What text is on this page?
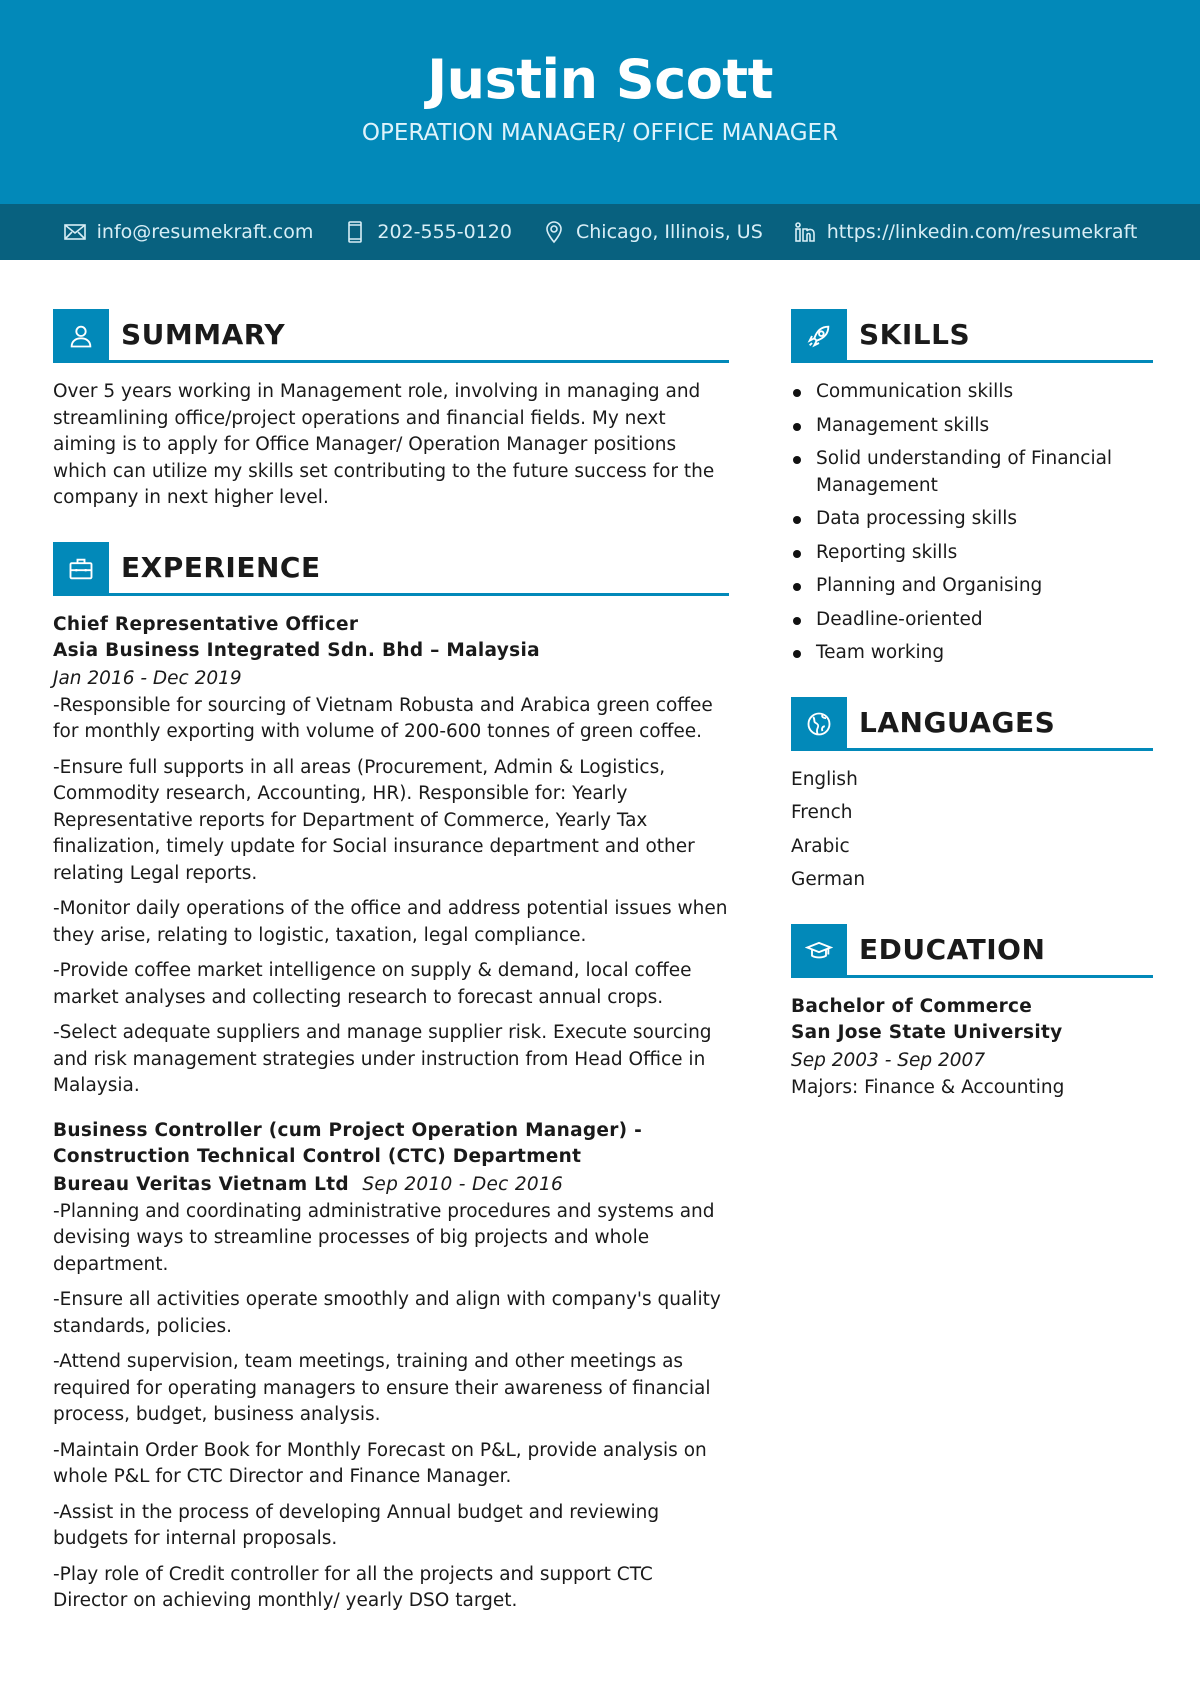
Justin Scott
OPERATION MANAGER/ OFFICE MANAGER
info@resumekraft.com	202-555-0120	Chicago, Illinois, US	https://linkedin.com/resumekraft
SUMMARY

Over 5 years working in Management role, involving in managing and streamlining office/project operations and financial fields. My next aiming is to apply for Office Manager/ Operation Manager positions which can utilize my skills set contributing to the future success for the company in next higher level.

EXPERIENCE
Chief Representative Officer
Asia Business Integrated Sdn. Bhd – Malaysia
Jan 2016 - Dec 2019

-Responsible for sourcing of Vietnam Robusta and Arabica green coffee for monthly exporting with volume of 200-600 tonnes of green coffee.

-Ensure full supports in all areas (Procurement, Admin & Logistics, Commodity research, Accounting, HR). Responsible for: Yearly Representative reports for Department of Commerce, Yearly Tax finalization, timely update for Social insurance department and other relating Legal reports.

-Monitor daily operations of the office and address potential issues when they arise, relating to logistic, taxation, legal compliance.

-Provide coffee market intelligence on supply & demand, local coffee market analyses and collecting research to forecast annual crops.

-Select adequate suppliers and manage supplier risk. Execute sourcing and risk management strategies under instruction from Head Office in Malaysia.

Business Controller (cum Project Operation Manager) - Construction Technical Control (CTC) Department
Bureau Veritas Vietnam Ltd Sep 2010 - Dec 2016

-Planning and coordinating administrative procedures and systems and devising ways to streamline processes of big projects and whole department.

-Ensure all activities operate smoothly and align with company's quality standards, policies.

-Attend supervision, team meetings, training and other meetings as required for operating managers to ensure their awareness of financial process, budget, business analysis.

-Maintain Order Book for Monthly Forecast on P&L, provide analysis on whole P&L for CTC Director and Finance Manager.

-Assist in the process of developing Annual budget and reviewing budgets for internal proposals.

-Play role of Credit controller for all the projects and support CTC Director on achieving monthly/ yearly DSO target.

SKILLS
Communication skills
Management skills
Solid understanding of Financial Management
Data processing skills
Reporting skills
Planning and Organising
Deadline-oriented
Team working
LANGUAGES
English
French
Arabic
German
EDUCATION
Bachelor of Commerce
San Jose State University
Sep 2003 - Sep 2007
Majors: Finance & Accounting
